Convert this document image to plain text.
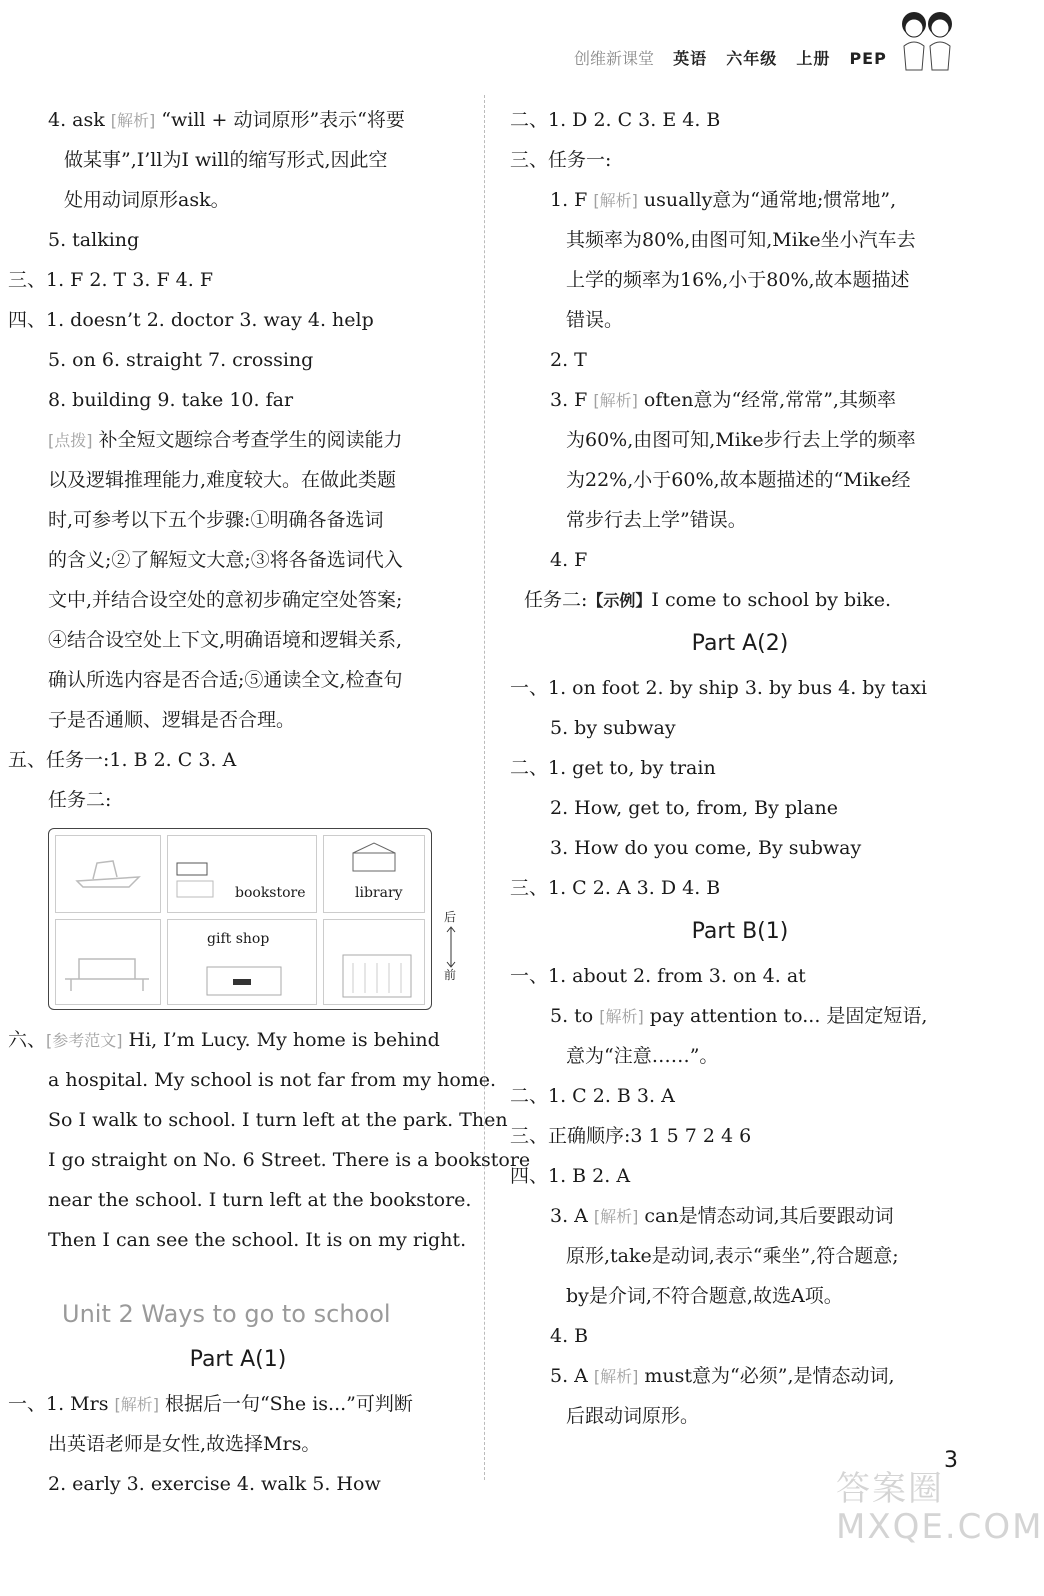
创维新课堂 英语 六年级 上册 PEP
4. ask [解析] “will + 动词原形”表示“将要
做某事”,I’ll为I will的缩写形式,因此空
处用动词原形ask。
5. talking
三、1. F 2. T 3. F 4. F
四、1. doesn’t 2. doctor 3. way 4. help
5. on 6. straight 7. crossing
8. building 9. take 10. far
[点拨] 补全短文题综合考查学生的阅读能力
以及逻辑推理能力,难度较大。在做此类题
时,可参考以下五个步骤:①明确各备选词
的含义;②了解短文大意;③将各备选词代入
文中,并结合设空处的意初步确定空处答案;
④结合设空处上下文,明确语境和逻辑关系,
确认所选内容是否合适;⑤通读全文,检查句
子是否通顺、逻辑是否合理。
五、任务一:1. B 2. C 3. A
任务二:
bookstore	library
gift shop
后
前
六、[参考范文] Hi, I’m Lucy. My home is behind
a hospital. My school is not far from my home.
So I walk to school. I turn left at the park. Then
I go straight on No. 6 Street. There is a bookstore
near the school. I turn left at the bookstore.
Then I can see the school. It is on my right.
Unit 2 Ways to go to school
Part A(1)
一、1. Mrs [解析] 根据后一句“She is...”可判断
出英语老师是女性,故选择Mrs。
2. early 3. exercise 4. walk 5. How
二、1. D 2. C 3. E 4. B
三、任务一:
1. F [解析] usually意为“通常地;惯常地”,
其频率为80%,由图可知,Mike坐小汽车去
上学的频率为16%,小于80%,故本题描述
错误。
2. T
3. F [解析] often意为“经常,常常”,其频率
为60%,由图可知,Mike步行去上学的频率
为22%,小于60%,故本题描述的“Mike经
常步行去上学”错误。
4. F
任务二:【示例】I come to school by bike.
Part A(2)
一、1. on foot 2. by ship 3. by bus 4. by taxi
5. by subway
二、1. get to, by train
2. How, get to, from, By plane
3. How do you come, By subway
三、1. C 2. A 3. D 4. B
Part B(1)
一、1. about 2. from 3. on 4. at
5. to [解析] pay attention to... 是固定短语,
意为“注意……”。
二、1. C 2. B 3. A
三、正确顺序:3 1 5 7 2 4 6
四、1. B 2. A
3. A [解析] can是情态动词,其后要跟动词
原形,take是动词,表示“乘坐”,符合题意;
by是介词,不符合题意,故选A项。
4. B
5. A [解析] must意为“必须”,是情态动词,
后跟动词原形。
3
答案圈 MXQE.COM
